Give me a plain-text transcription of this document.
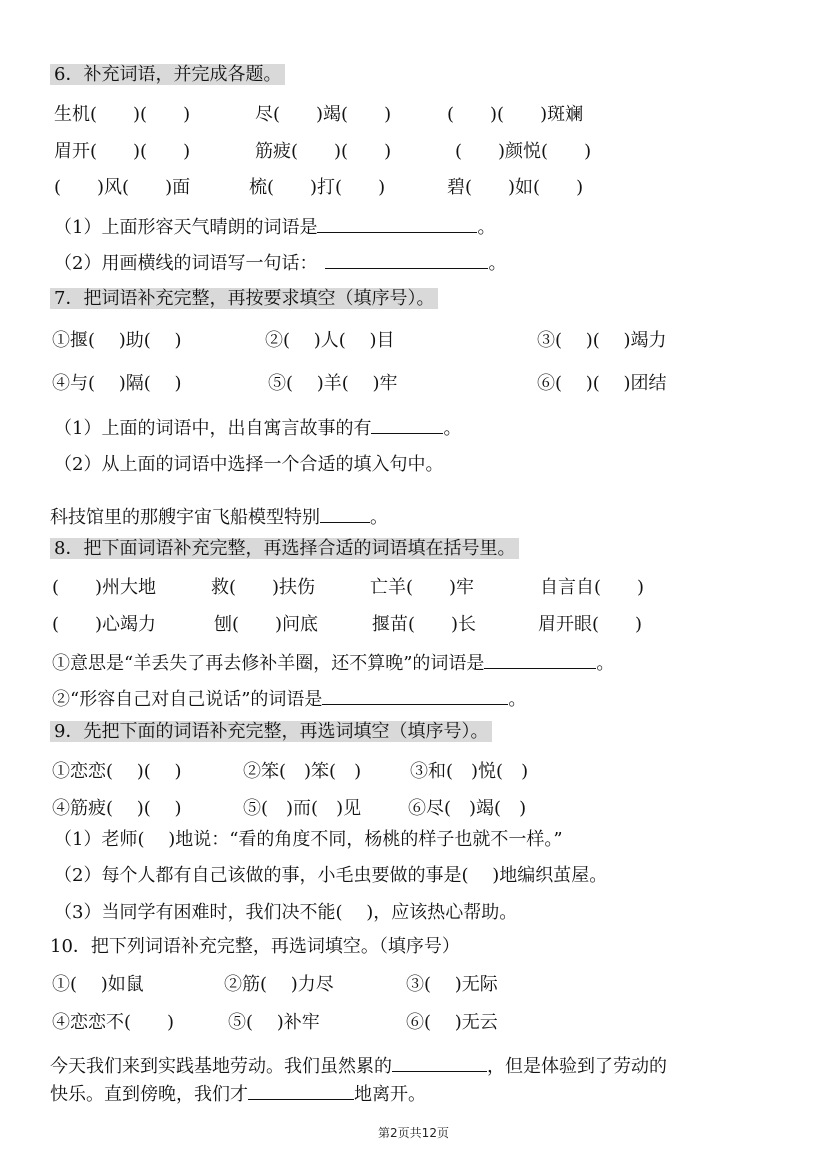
6．补充词语，并完成各题。
生机(　　)(　　)	尽(　　)竭(　　)	(　　)(　　)斑斓
眉开(　　)(　　)	筋疲(　　)(　　)	(　　)颜悦(　　)
(　　)风(　　)面	梳(　　)打(　　)	碧(　　)如(　　)
（1）上面形容天气晴朗的词语是	。
（2）用画横线的词语写一句话：	。
7．把词语补充完整，再按要求填空（填序号）。
①揠(　 )助(　 )	②(　 )人(　 )目	③(　 )(　 )竭力
④与(　 )隔(　 )	⑤(　 )羊(　 )牢	⑥(　 )(　 )团结
（1）上面的词语中，出自寓言故事的有	。
（2）从上面的词语中选择一个合适的填入句中。
科技馆里的那艘宇宙飞船模型特别	。
8．把下面词语补充完整，再选择合适的词语填在括号里。
(　　)州大地	救(　　)扶伤	亡羊(　　)牢	自言自(　　)
(　　)心竭力	刨(　　)问底	揠苗(　　)长	眉开眼(　　)
①意思是“羊丢失了再去修补羊圈，还不算晚”的词语是	。
②“形容自己对自己说话”的词语是	。
9．先把下面的词语补充完整，再选词填空（填序号）。
①恋恋(　 )(　 )	②笨(　)笨(　)	③和(　)悦(　)
④筋疲(　 )(　 )	⑤(　)而(　)见	⑥尽(　)竭(　)
（1）老师(　 )地说：“看的角度不同，杨桃的样子也就不一样。”
（2）每个人都有自己该做的事，小毛虫要做的事是(　 )地编织茧屋。
（3）当同学有困难时，我们决不能(　 )，应该热心帮助。
10．把下列词语补充完整，再选词填空。（填序号）
①(　 )如鼠	②筋(　 )力尽	③(　 )无际
④恋恋不(　　)	⑤(　 )补牢	⑥(　 )无云
今天我们来到实践基地劳动。我们虽然累的	，但是体验到了劳动的
快乐。直到傍晚，我们才	地离开。
第2页共12页
